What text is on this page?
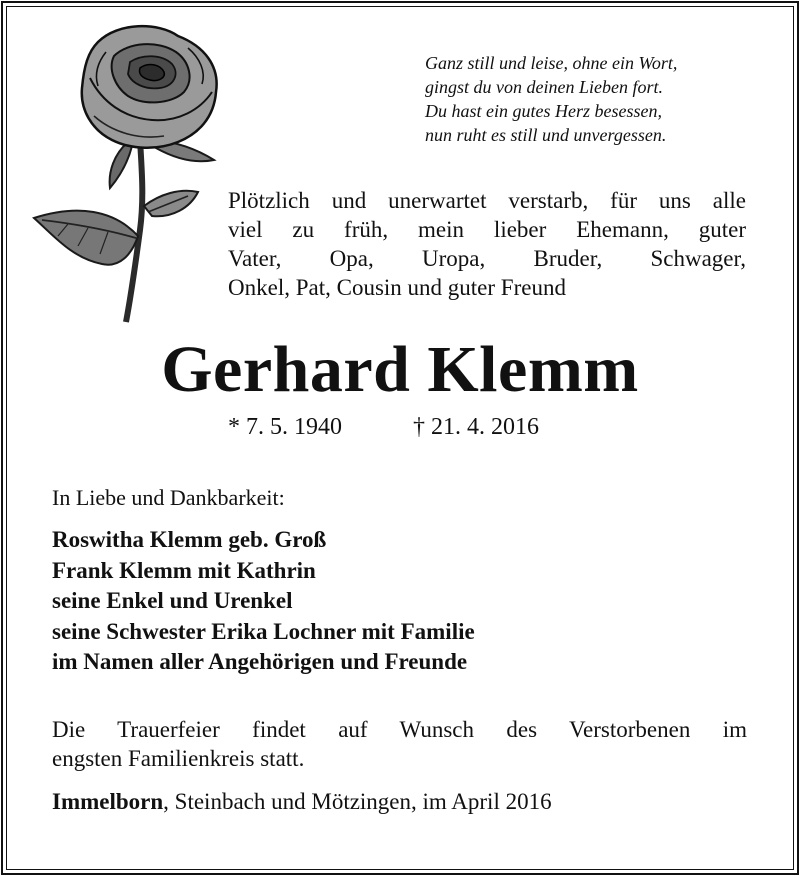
Ganz still und leise, ohne ein Wort,
gingst du von deinen Lieben fort.
Du hast ein gutes Herz besessen,
nun ruht es still und unvergessen.
Plötzlich und unerwartet verstarb, für uns alle
viel zu früh, mein lieber Ehemann, guter
Vater, Opa, Uropa, Bruder, Schwager,
Onkel, Pat, Cousin und guter Freund
Gerhard Klemm
* 7. 5. 1940	† 21. 4. 2016
In Liebe und Dankbarkeit:
Roswitha Klemm geb. Groß
Frank Klemm mit Kathrin
seine Enkel und Urenkel
seine Schwester Erika Lochner mit Familie
im Namen aller Angehörigen und Freunde
Die Trauerfeier findet auf Wunsch des Verstorbenen im
engsten Familienkreis statt.
Immelborn, Steinbach und Mötzingen, im April 2016
